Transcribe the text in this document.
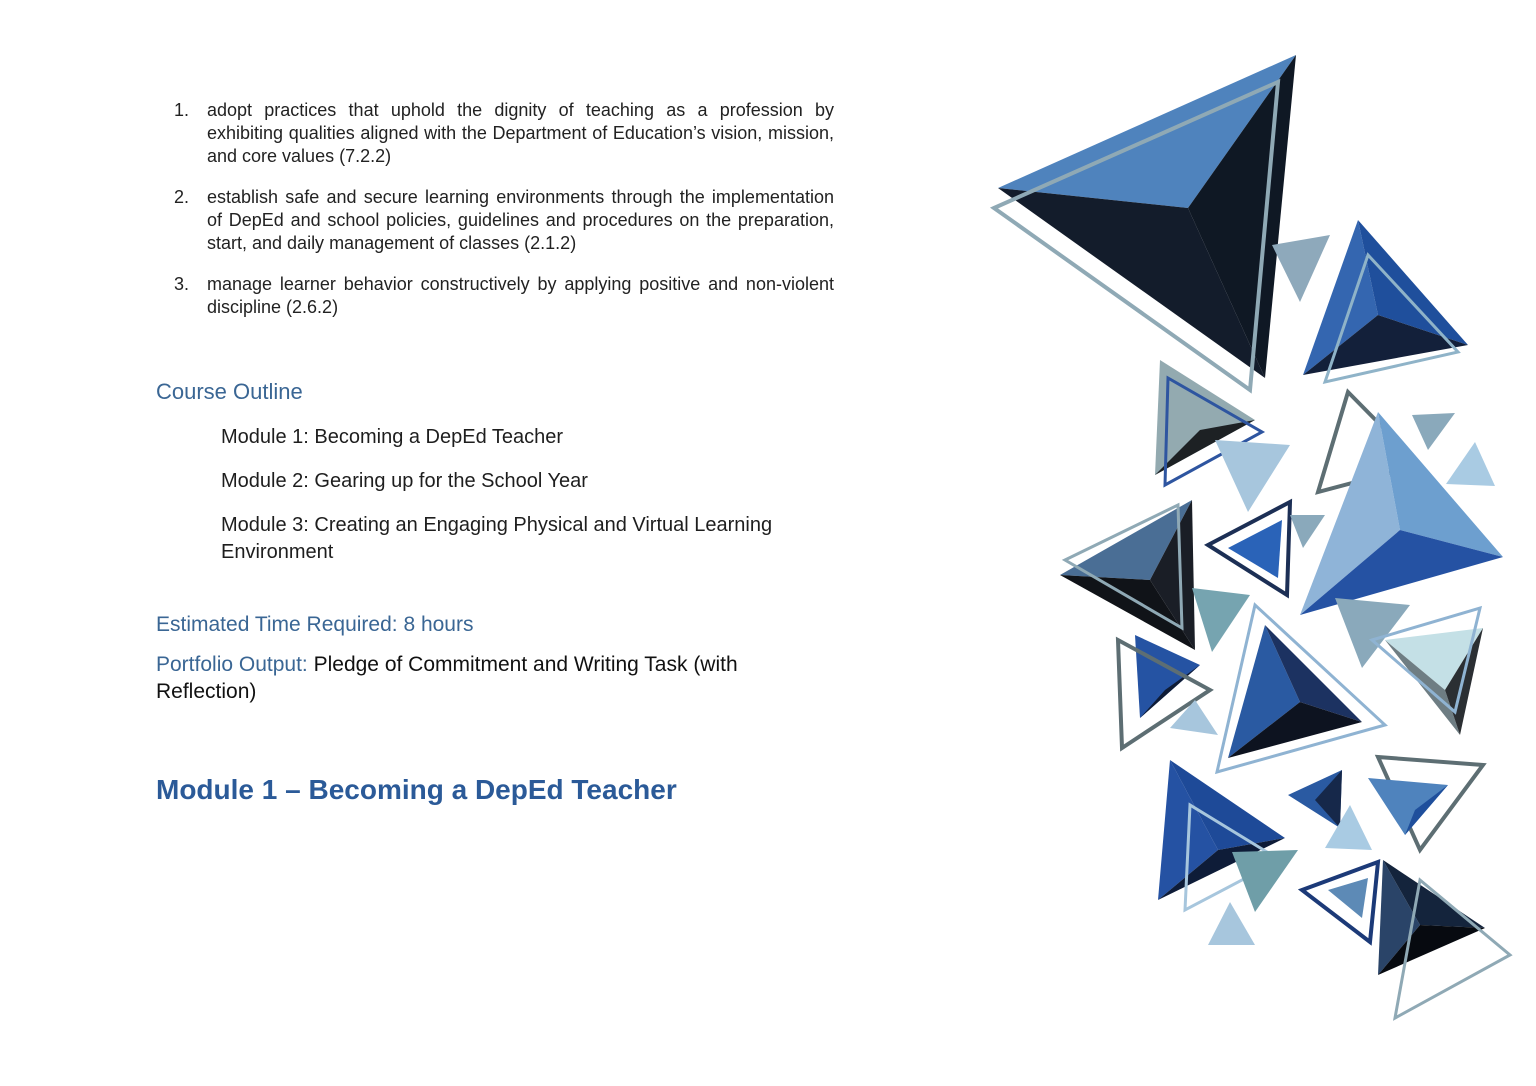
1. adopt practices that uphold the dignity of teaching as a profession by exhibiting qualities aligned with the Department of Education’s vision, mission, and core values (7.2.2)
2. establish safe and secure learning environments through the implementation of DepEd and school policies, guidelines and procedures on the preparation, start, and daily management of classes (2.1.2)
3. manage learner behavior constructively by applying positive and non-violent discipline (2.6.2)
Course Outline
Module 1: Becoming a DepEd Teacher
Module 2: Gearing up for the School Year
Module 3: Creating an Engaging Physical and Virtual Learning Environment
Estimated Time Required: 8 hours
Portfolio Output: Pledge of Commitment and Writing Task (with Reflection)
Module 1 – Becoming a DepEd Teacher
